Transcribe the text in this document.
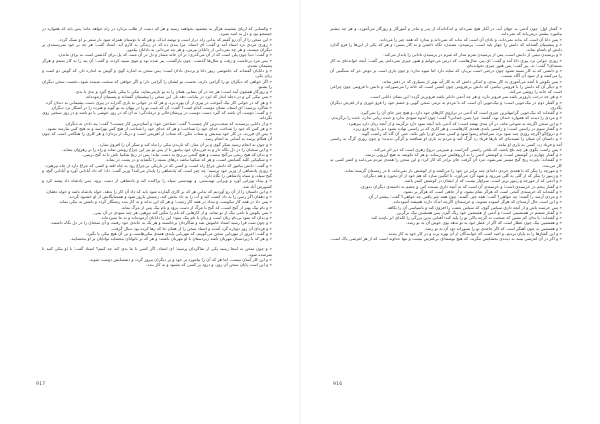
« وکسانی که ازپای بنشینند هرگز به مقصود نخواهند رسید و هر که دست از طلب بردارد در راه خواهد ماند؛ پس باید که همواره در جستجو بود و دل به امید سپرد.

« این سخن را از آن رو گفتم که بدانی راه دراز است و توشه اندک، و هر که با دوستان همراه شود بار سفر بر او سبک گردد.

« روزی مردی نزد استاد آمد و گفت: ای استاد، مرا پندی ده که در زندگی به کارم آید. استاد گفت: هر چه بر خود نمی‌پسندی بر دیگران مپسند، و هر چه نمی‌دانی از دانایان بپرس، و هر چه می‌دانی به نادانان بیاموز.

« و گفت: دنیا چون پلی است که از آن می‌گذری؛ بر آن خانه مساز و دل در آن مبند، که پل برای گذشتن است نه برای ماندن.

« پس مرد برخاست و رفت و سال‌ها گذشت. چون بازگشت، پیر شده بود و موی سپید کرده، و گفت: آن پند را به کار بستم و هرگز پشیمان نشدم.

« و دانایان گفته‌اند که خاموشی زیور دانا و پرده‌ی نادان است؛ پس سخن به اندازه گوی و گوش به اندازه دار، که گوش دو است و زبان یکی.

« اگر خواهی که دیگران تو را گرامی دارند، نخست تو ایشان را گرامی دار؛ و اگر خواهی که سخنت شنیده شود، نخست سخن دیگران را بشنو.

« و روزگار همچون آینه است؛ هر چه در آن بنمایی همان را به تو بازمی‌نماید، نیکی با نیکی پاسخ گیرد و بدی با بدی.

« پس نیکی کن و در دجله انداز که ایزد در بیابانت دهد باز. این سخن را پیشینیان گفته‌اند و پسینیان آزموده‌اند.

« و هر که در جوانی کار نیک آموخت در پیری از آن بهره برد، و هر که در جوانی به بازی گذراند در پیری دست پشیمانی به دندان گزد.

« شاگرد پرسید: ای استاد، نشان دوست کدام است؟ گفت: آن که عیب تو را در پنهان به تو گوید و هنرت را در آشکار نزد دیگران.

« و گفت: دوست آن باشد که گیرد دست دوست در پریشان‌حالی و درماندگی؛ نه آن که در روز خوشی با تو باشد و در روز سختی روی بگرداند.

« و از دانایی پرسیدند که سخت‌ترین کار چیست؟ گفت: شناختن خود؛ و آسان‌ترین کار چیست؟ گفت: پند دادن به دیگران.

« و هر کس که خود را شناخت خدای خود را شناخت؛ و هر که خدای خود را شناخت از هیچ کس نهراسد و به هیچ کس نیازمند نشود.

« پس ای فرزند، در کار خود بیندیش و شتاب مکن، که شتاب از اهریمن است و درنگ از یزدان؛ و هر کاری را هنگامی است که چون آن هنگام برسد به آسانی به انجام رسد.

« و چون به انجام رسید شکر گوی و بر آن مناز، که نازیدن نیکی را تباه کند و شکر آن را افزون سازد.

« و این سخنان را در دل نگاه دار و به فرزندان خود بیاموز تا از پس تو نیز این چراغ روشن بماند و راه را بر رهروان بنماید.

« و بدان که هیچ رنجی بی‌گنج نیست و هیچ گنجی بی‌رنج به دست نیاید؛ پس در رنج شکیبا باش تا به گنج برسی.

« و شکیبایی کلید گشایش است، و هر که شکیبا نباشد درهای بسته را نگشاید و در پشت در بماند.

« و گفت: دانش بیاموز که دانش چراغ راه است، و کسی که در تاریکی بی‌چراغ رود به چاه افتد و کسی که چراغ دارد از چاه بپرهیزد.

« روزی پادشاهی از وزیر خود پرسید: چه چیز است که پادشاهی را پایدار می‌کند؟ وزیر گفت: داد؛ که داد آبادانی آورد و آبادانی گنج، و گنج سپاه، و سپاه پادشاهی را نگاه دارد.

« و بیداد ویرانی آورد و ویرانی تهیدستی، و تهیدستی سپاه را پراکنده کند و پادشاهی از دست برود. پس پادشاه داد پیشه کرد و کشورش آباد شد.

« و این داستان را از آن رو آوردیم که بدانی هر که بر کاری گمارده شود باید که داد آن کار را بدهد، خواه پادشاه باشد و خواه دهقان.

« و دهقان اگر زمین را به داد کشت کند و آب را به داد بخش کند، زمینش بارور شود و همسایگانش از او خشنود گردند.

« پس داد در همه کار نیکوست و بیداد در همه کار زشت؛ و هر که این بداند و به کار بندد رستگار گردد و نامش به نیکی بماند.

« و نام نیک بهتر از گنج است، که گنج با مرگ از دست برود و نام نیک پس از مرگ بماند.

« پس بکوش تا نامی نیک از تو بماند، و از کارهایی که نام را ننگین کند بپرهیز، هر چند سودی در آن بینی.

« و بدان که سود بی‌نام زیان است و زیان با نام نیک سود؛ این را دانایان آزموده‌اند و به ما سپرده‌اند.

« و چون شب فرا رسید استاد خاموش شد و شاگردان برخاستند و هر یک به خانه‌ی خود رفتند، و آن سخنان را در دل نگاه داشتند.

« و فردای آن روز دوباره گرد آمدند و استاد سخن را از همان جا که رها کرده بود دنبال گرفت.

« و گفت: امروز از مهربانی سخن می‌گوییم، که مهربانی پایه‌ی همه‌ی نیکی‌هاست و بی آن هیچ نیکی پا نگیرد.

« و هر که با زیردستان مهربان باشد زبردستان با او مهربان باشند؛ و هر که بر ناتوانان ببخشاید توانایان بر او ببخشایند.

« و چون سخن به اینجا رسید یکی از شاگردان پرسید: ای استاد، اگر کسی با ما بدی کند چه کنیم؟ استاد گفت: با او نیکی کنید تا شرمنده شود.

« و این کار آسان نیست، اما هر که آن را بیاموزد بر خود و بر دیگران پیروز گردد و دشمنانش دوست شوند.

« و این است پایان سخن آن روز، و درود بر کسی که بشنود و به کار بندد.

917

« گفتار اول: چون آدمی به جهان آید، در آغاز هیچ نمی‌داند و اندک‌اندک از پدر و مادر و آموزگار و روزگار می‌آموزد، و هر چه بیشتر بیاموزد بیشتر درمی‌یابد که نمی‌داند.

« پس دانا آن است که بداند نمی‌داند، و نادان آن است که نداند که نمی‌داند و پندارد که همه چیز را می‌داند.

« و پیشینیان گفته‌اند که دانش را چهار پایه است: پرسیدن، شنیدن، نگاه داشتن و به کار بستن؛ و هر که یکی از این‌ها را فرو گذارد دانش او ناتمام بماند.

« و پرسیدن نیمی از دانش است، پس از پرسیدن شرم مدار که شرم در پرسیدن نادانی را پایدار می‌کند.

« روزی جوانی نزد پیری دانا آمد و گفت: ای پیر، سال‌هاست که درس می‌خوانم و هنوز چیزی نمی‌دانم. پیر گفت: آنچه خوانده‌ای به کار بسته‌ای؟ گفت: نه. پیر گفت: پس هنوز چیزی نخوانده‌ای.

« و دانشی که به کار بسته نشود چون درختی است بی‌بار، که سایه دارد اما میوه ندارد؛ و چون باری است بر دوش خر که سنگینی آن را می‌کشد و از سود آن آگاه نیست.

« پس بکوش تا آنچه می‌آموزی به کار بندی، و اندکی دانش که به کار آید بهتر از بسیاری که در دفتر بماند.

« و دیگر آن که دانش را با فروتنی بیامیز، که دانش بی‌فروتنی چون آتشی است که خانه را می‌سوزاند، و دانش با فروتنی چون چراغی است که خانه را روشن می‌کند.

« و هر چه درخت بارورتر باشد سر فروتر دارد، و هر چه آدمی داناتر باشد فروتن‌تر گردد؛ این نشان دانایی است.

« و گفتار دوم در نیک‌خویی است؛ و نیک‌خویی آن است که با مردم به نرمی سخن گویی و خشم خود را فرو خوری و از لغزش دیگران بگذری.

« و گفته‌اند که نیک‌خویی گرانبهاترین چیزی است که آدمی در ترازوی کارهای خود دارد، و هیچ چیز جای آن را نمی‌گیرد.

« و مردی را دیدند که همواره خندان بود، گفتند: چرا چنین خندانی؟ گفت: چون اندوه سودی ندارد و خنده زیانی ندارد، خنده را برگزیدم.

« و این سخن اگرچه به شوخی ماند، در آن پندی نهفته است؛ که آدمی باید آنچه سود دارد برگزیند و از آنچه زیان دارد بپرهیزد.

« و گفتار سوم در راستی است؛ و راستی پایه‌ی همه‌ی کارهاست، و هر کاری که بر راستی نهاده نشود دیر یا زود فرو ریزد.

« و دروغ‌گو اگرچه روزی چند سود برد، سرانجام رسوا شود و کسی سخن او را باور نکند، حتی آن گاه که راست گوید.

« و داستان آن شبان را شنیده‌ای که بارها فریاد زد گرگ آمد و مردم به یاری او شتافتند و گرگی ندیدند؛ و چون روزی گرگ به راستی آمد و فریاد زد، کسی به یاری او نیامد.

« پس راست بگوی هر چند تلخ باشد، که تلخی راستی گذراست و شیرینی دروغ زهری است که دیر اثر می‌کند.

« و گفتار چهارم در کوشش است؛ و کوشش آدمی را به آرزوهایش می‌رساند، و هر که نکوشد به هیچ آرزویی نرسد.

« و گفته‌اند: نابرده رنج گنج میسر نمی‌شود، مزد آن گرفت جان برادر که کار کرد؛ و این سخن را همه‌ی مردم می‌دانند و کمتر کسی به کار می‌بندد.

« و مورچه را بنگر که با همه‌ی خردی دانه‌ای چند برابر تن خود را می‌کشد و از کوشش باز نمی‌ماند، تا در زمستان گرسنه نماند.

« و زنبور را بنگر که از گلی به گلی می‌رود و شهد گرد می‌آورد، تا انگبین سازد که هم خود از آن بخورد و هم دیگران.

« و آدمی که از مورچه و زنبور برتر است، سزاوار نیست که از ایشان در کوشش کمتر باشد.

« و گفتار پنجم در خرسندی است؛ و خرسندی آن است که به آنچه داری بسنده کنی و چشم به داشته‌ی دیگران ندوزی.

« و گفته‌اند که خرسندی گنجی است که هرگز تمام نشود، و آز چاهی است که هرگز پر نشود.

« و مردی آزمند را گفتند: چه خواهی؟ گفت: همه چیز. گفتند: چون همه چیز یافتی چه خواهی؟ گفت: بیشتر از آن.

« و این است حال آزمندان که هرگز آسوده نشوند، و خرسندان اگرچه اندک دارند همیشه آسوده‌اند.

« پس خرسند باش و از آنچه داری سپاس گوی، که سپاس نعمت را افزون کند و ناسپاسی آن را بکاهد.

« و گفتار ششم در همنشینی است؛ و آدمی از همنشین خود رنگ گیرد، پس همنشین نیک برگزین.

« و گفته‌اند: با بدان کم نشین که صحبت بد گرچه پاکی تو را پلید کند؛ آفتابی بدین بزرگی را لکه‌ای ابر ناپدید کند.

« و همنشین نیک چون عطار است که اگر از عطر خود به تو ندهد بوی خوش آن به تو رسد.

« و همنشین بد چون آهنگر است که اگر جامه‌ی تو را نسوزاند دود آن به تو رسد.

« و این گفتارها را به پایان بردیم، و امید است که خوانندگان از آن بهره برند و در کار خود به کار بندند.

« و اگر در آن لغزشی بینند به دیده‌ی بخشایش بنگرند، که هیچ نوشته‌ای بی‌لغزش نیست و تنها خداوند است که از هر لغزشی پاک است.

916
